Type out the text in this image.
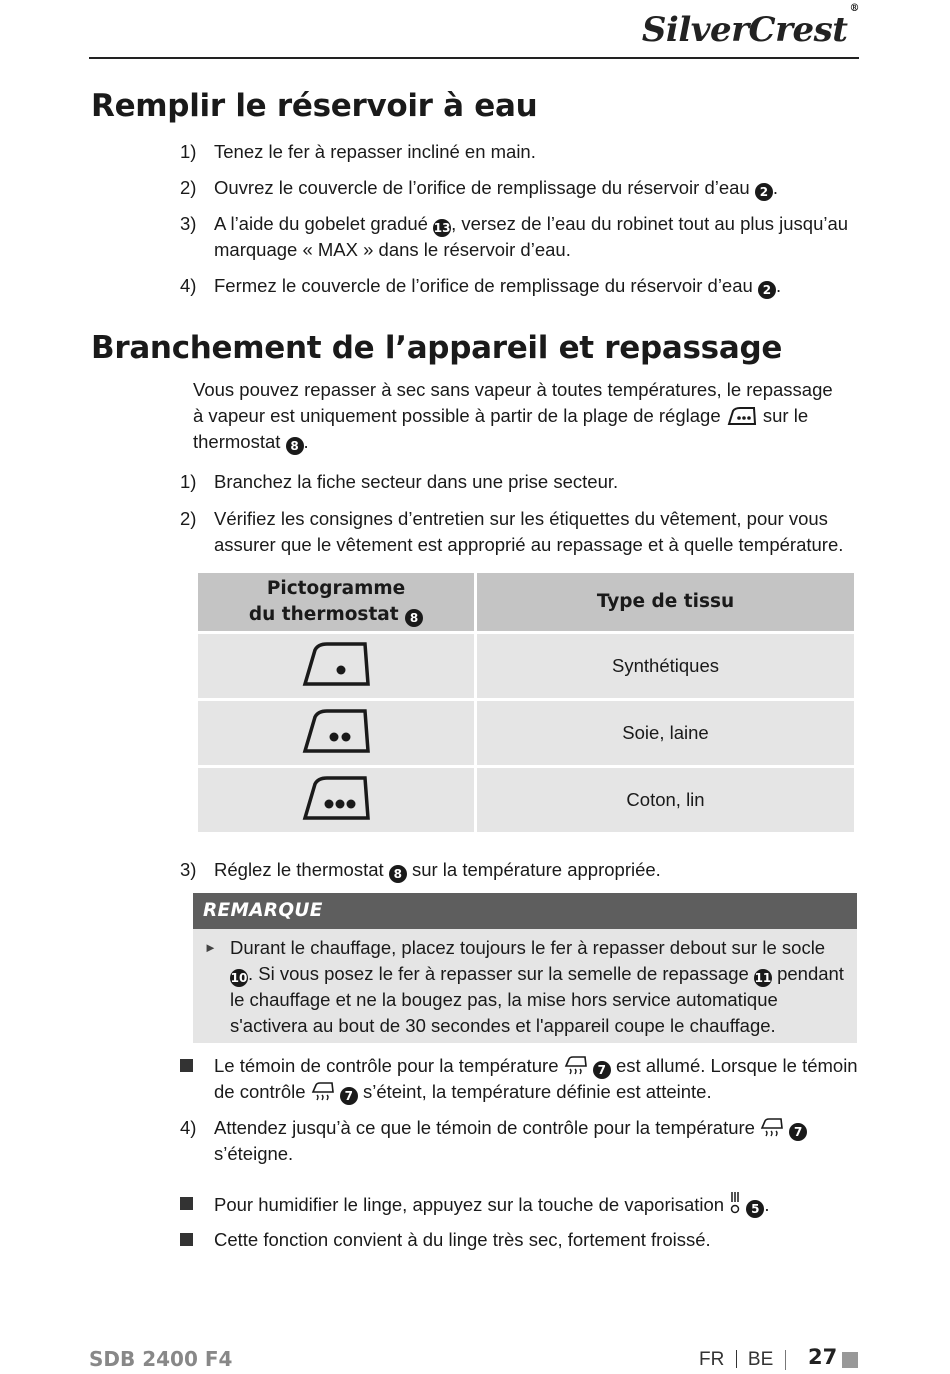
SilverCrest®
Remplir le réservoir à eau
1) Tenez le fer à repasser incliné en main.
2) Ouvrez le couvercle de l’orifice de remplissage du réservoir d’eau 2 .
3) A l’aide du gobelet gradué 13, versez de l’eau du robinet tout au plus jusqu’au marquage « MAX » dans le réservoir d’eau.
4) Fermez le couvercle de l’orifice de remplissage du réservoir d’eau 2 .
Branchement de l’appareil et repassage
Vous pouvez repasser à sec sans vapeur à toutes températures, le repassage à vapeur est uniquement possible à partir de la plage de réglage sur le thermostat 8 .
1) Branchez la fiche secteur dans une prise secteur.
2) Vérifiez les consignes d’entretien sur les étiquettes du vêtement, pour vous assurer que le vêtement est approprié au repassage et à quelle température.
Pictogramme
du thermostat 8	Type de tissu
	Synthétiques
	Soie, laine
	Coton, lin
3) Réglez le thermostat 8 sur la température appropriée.
REMARQUE
► Durant le chauffage, placez toujours le fer à repasser debout sur le socle 10. Si vous posez le fer à repasser sur la semelle de repassage 11 pendant le chauffage et ne la bougez pas, la mise hors service automatique s'activera au bout de 30 secondes et l'appareil coupe le chauffage.
Le témoin de contrôle pour la température	7 est allumé. Lorsque le témoin de contrôle	7 s’éteint, la température définie est atteinte.
4) Attendez jusqu’à ce que le témoin de contrôle pour la température	7 s’éteigne.
Pour humidifier le linge, appuyez sur la touche de vaporisation 5 .
Cette fonction convient à du linge très sec, fortement froissé.
SDB 2400 F4	FR BE 27
